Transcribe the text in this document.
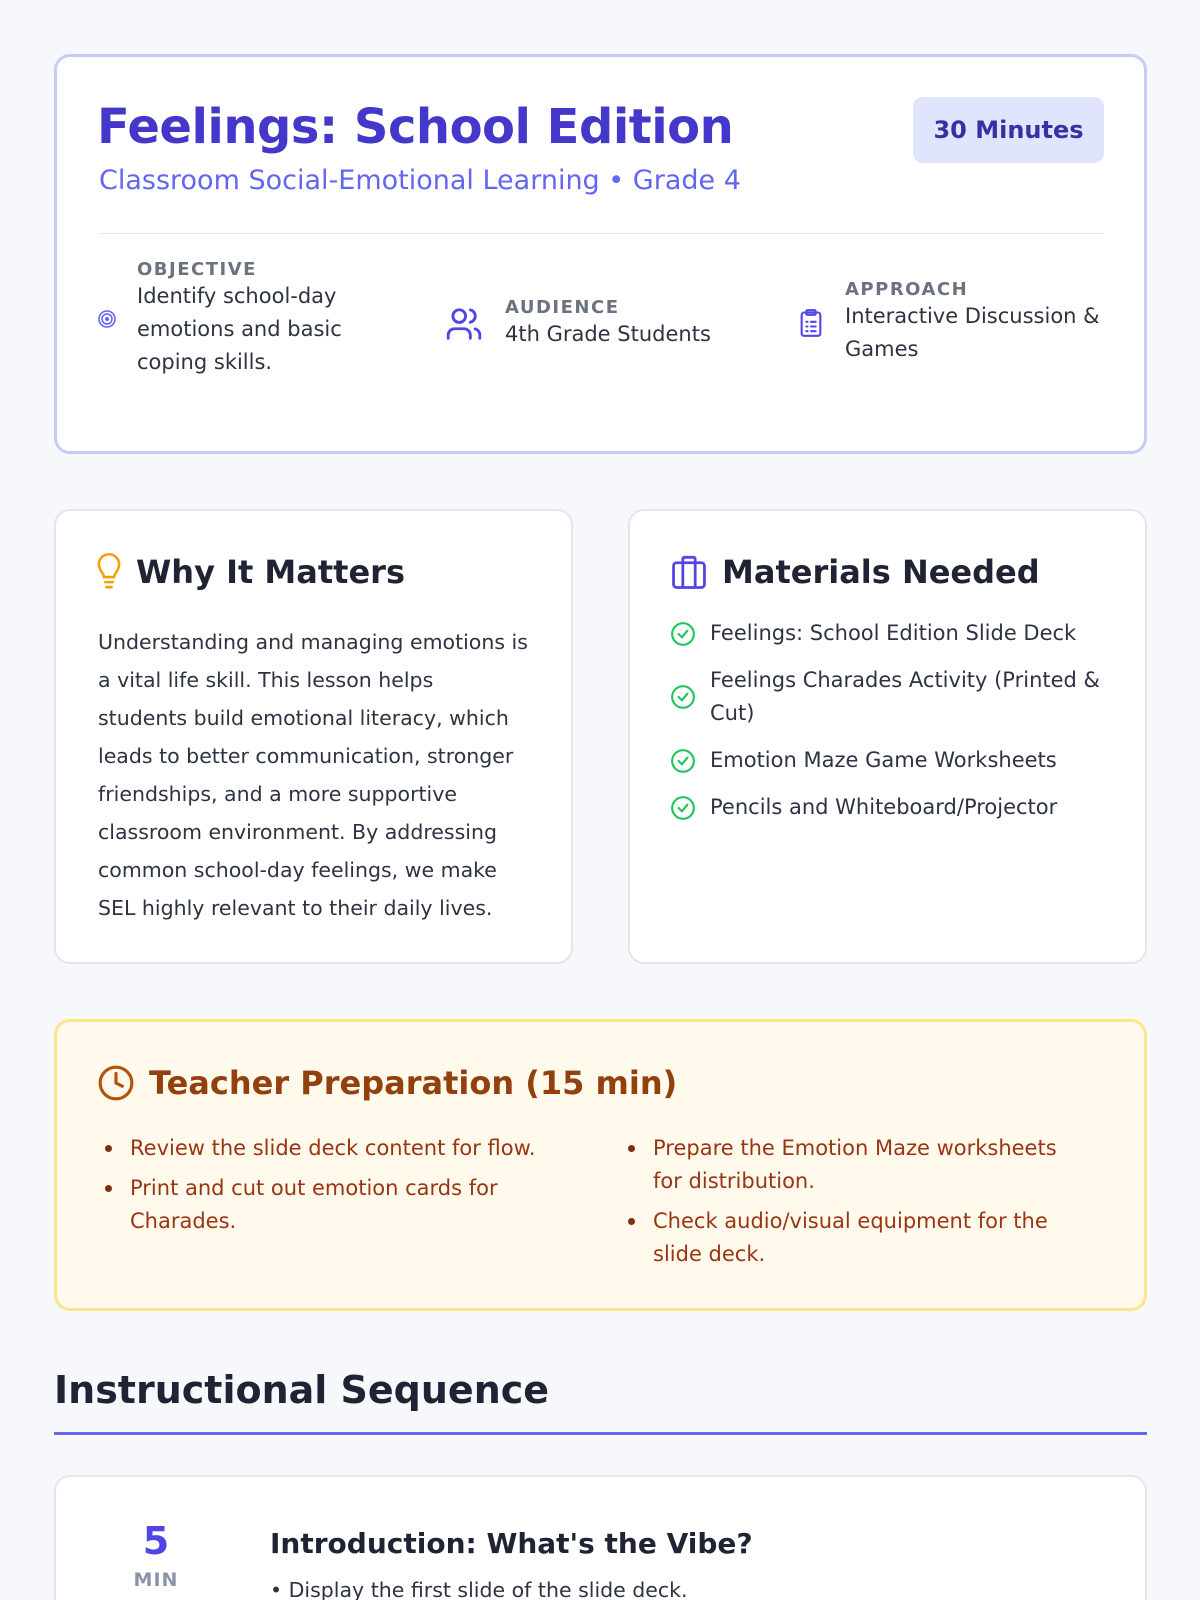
Feelings: School Edition
Classroom Social-Emotional Learning • Grade 4
30 Minutes
OBJECTIVE
Identify school-day emotions and basic coping skills.
AUDIENCE
4th Grade Students
APPROACH
Interactive Discussion & Games
Why It Matters

Understanding and managing emotions is a vital life skill. This lesson helps students build emotional literacy, which leads to better communication, stronger friendships, and a more supportive classroom environment. By addressing common school-day feelings, we make SEL highly relevant to their daily lives.

Materials Needed
Feelings: School Edition Slide Deck
Feelings Charades Activity (Printed & Cut)
Emotion Maze Game Worksheets
Pencils and Whiteboard/Projector
Teacher Preparation (15 min)
Review the slide deck content for flow.
Print and cut out emotion cards for Charades.
Prepare the Emotion Maze worksheets for distribution.
Check audio/visual equipment for the slide deck.
Instructional Sequence
5
MIN
Introduction: What's the Vibe?
• Display the first slide of the slide deck.
